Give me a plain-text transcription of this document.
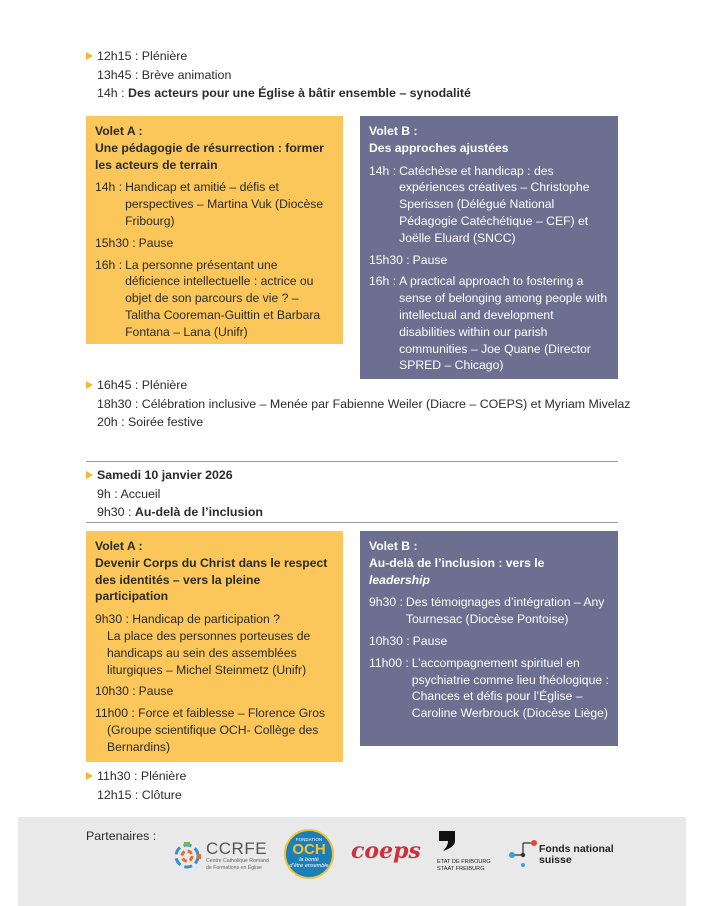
12h15 : Plénière
13h45 : Brève animation
14h : Des acteurs pour une Église à bâtir ensemble – synodalité
Volet A :
Une pédagogie de résurrection : former les acteurs de terrain
14h : Handicap et amitié – défis et perspectives – Martina Vuk (Diocèse Fribourg)
15h30 : Pause
16h : La personne présentant une déficience intellectuelle : actrice ou objet de son parcours de vie ? – Talitha Cooreman-Guittin et Barbara Fontana – Lana (Unifr)
Volet B :
Des approches ajustées
14h : Catéchèse et handicap : des expériences créatives – Christophe Sperissen (Délégué National Pédagogie Catéchétique – CEF) et Joëlle Eluard (SNCC)
15h30 : Pause
16h : A practical approach to fostering a sense of belonging among people with intellectual and development disabilities within our parish communities – Joe Quane (Director SPRED – Chicago)
16h45 : Plénière
18h30 : Célébration inclusive – Menée par Fabienne Weiler (Diacre – COEPS) et Myriam Mivelaz
20h : Soirée festive
Samedi 10 janvier 2026
9h : Accueil
9h30 : Au-delà de l’inclusion
Volet A :
Devenir Corps du Christ dans le respect des identités – vers la pleine participation
9h30 : Handicap de participation ?
La place des personnes porteuses de handicaps au sein des assemblées liturgiques – Michel Steinmetz (Unifr)
10h30 : Pause
11h00 : Force et faiblesse – Florence Gros
(Groupe scientifique OCH- Collège des Bernardins)
Volet B :
Au-delà de l’inclusion : vers le
leadership
9h30 : Des témoignages d’intégration – Any Tournesac (Diocèse Pontoise)
10h30 : Pause
11h00 : L’accompagnement spirituel en psychiatrie comme lieu théologique : Chances et défis pour l’Église – Caroline Werbrouck (Diocèse Liège)
11h30 : Plénière
12h15 : Clôture
Partenaires :
CCRFE
Centre Catholique Romand
de Formations en Église
FONDATION
OCH
la bonté
d’être ensemble
coeps	ETAT DE FRIBOURG
STAAT FREIBURG
Fonds national
suisse
